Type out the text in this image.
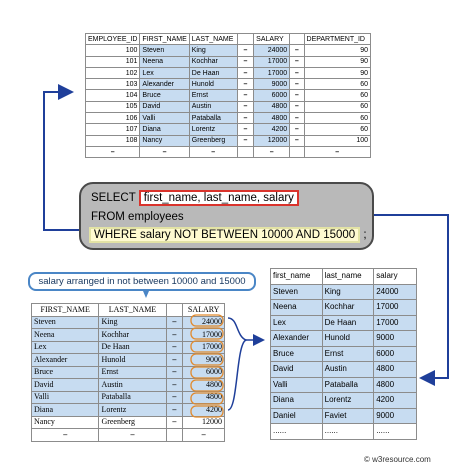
EMPLOYEE_ID	FIRST_NAME	LAST_NAME		SALARY		DEPARTMENT_ID
100	Steven	King	–	24000	–	90
101	Neena	Kochhar	–	17000	–	90
102	Lex	De Haan	–	17000	–	90
103	Alexander	Hunold	–	9000	–	60
104	Bruce	Ernst	–	6000	–	60
105	David	Austin	–	4800	–	60
106	Valli	Pataballa	–	4800	–	60
107	Diana	Lorentz	–	4200	–	60
108	Nancy	Greenberg	–	12000	–	100
–	–	–		–		–
SELECT first_name, last_name, salary
FROM employees
WHERE salary NOT BETWEEN 10000 AND 15000 ;
salary arranged in not between 10000 and 15000
FIRST_NAME	LAST_NAME		SALARY
Steven	King	–	24000
Neena	Kochhar	–	17000
Lex	De Haan	–	17000
Alexander	Hunold	–	9000
Bruce	Ernst	–	6000
David	Austin	–	4800
Valli	Pataballa	–	4800
Diana	Lorentz	–	4200
Nancy	Greenberg	–	12000
–	–		–
first_name	last_name	salary
Steven	King	24000
Neena	Kochhar	17000
Lex	De Haan	17000
Alexander	Hunold	9000
Bruce	Ernst	6000
David	Austin	4800
Valli	Pataballa	4800
Diana	Lorentz	4200
Daniel	Faviet	9000
......	......	......
© w3resource.com
